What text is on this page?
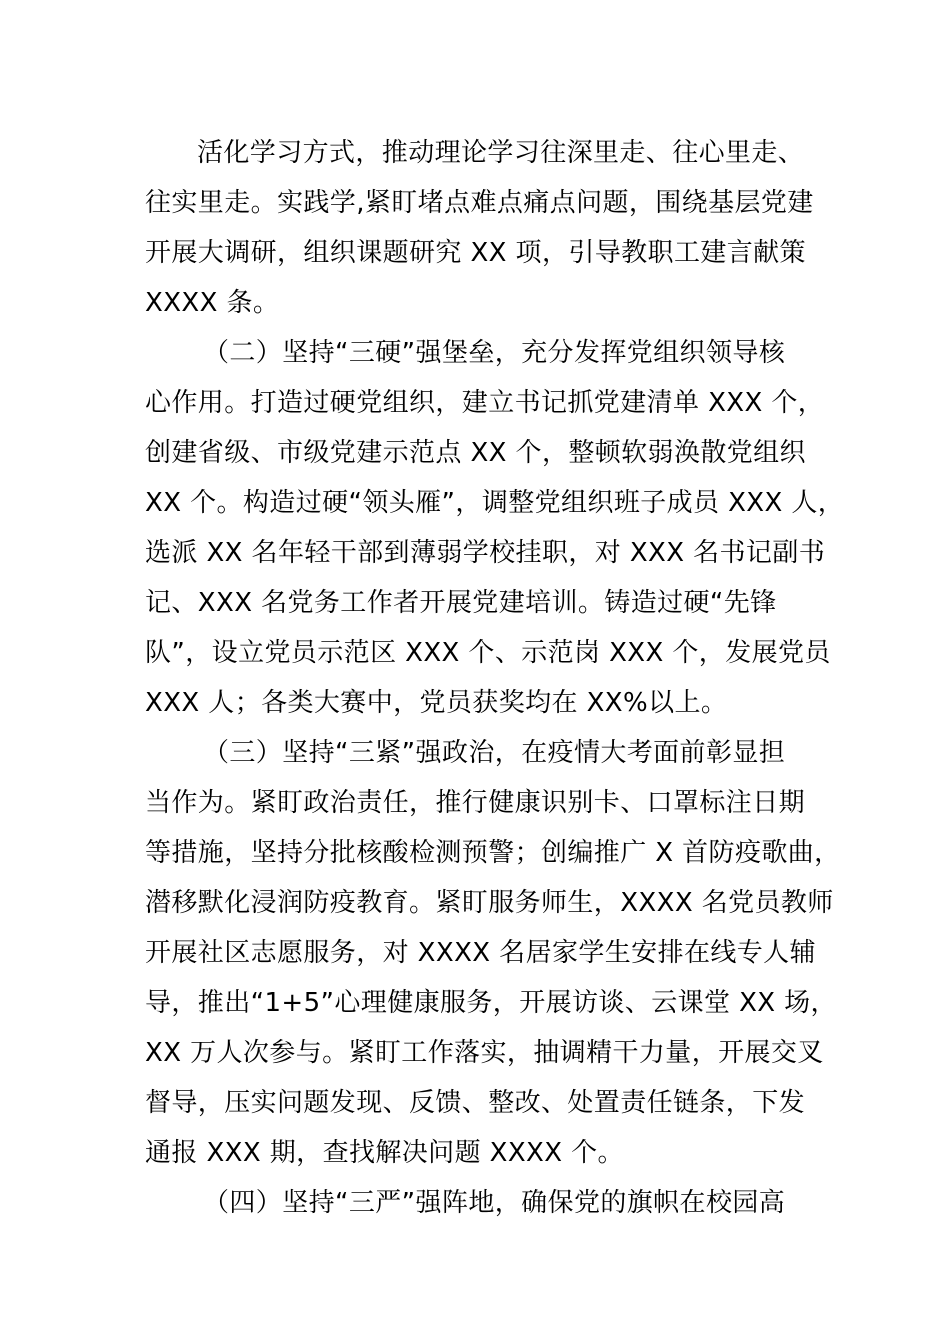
活化学习方式，推动理论学习往深里走、往心里走、
往实里走。实践学,紧盯堵点难点痛点问题，围绕基层党建
开展大调研，组织课题研究 XX 项，引导教职工建言献策
XXXX 条。
（二）坚持“三硬”强堡垒，充分发挥党组织领导核
心作用。打造过硬党组织，建立书记抓党建清单 XXX 个，
创建省级、市级党建示范点 XX 个，整顿软弱涣散党组织
XX 个。构造过硬“领头雁”，调整党组织班子成员 XXX 人，
选派 XX 名年轻干部到薄弱学校挂职，对 XXX 名书记副书
记、XXX 名党务工作者开展党建培训。铸造过硬“先锋
队”，设立党员示范区 XXX 个、示范岗 XXX 个，发展党员
XXX 人；各类大赛中，党员获奖均在 XX%以上。
（三）坚持“三紧”强政治，在疫情大考面前彰显担
当作为。紧盯政治责任，推行健康识别卡、口罩标注日期
等措施，坚持分批核酸检测预警；创编推广 X 首防疫歌曲，
潜移默化浸润防疫教育。紧盯服务师生，XXXX 名党员教师
开展社区志愿服务，对 XXXX 名居家学生安排在线专人辅
导，推出“1+5”心理健康服务，开展访谈、云课堂 XX 场，
XX 万人次参与。紧盯工作落实，抽调精干力量，开展交叉
督导，压实问题发现、反馈、整改、处置责任链条，下发
通报 XXX 期，查找解决问题 XXXX 个。
（四）坚持“三严”强阵地，确保党的旗帜在校园高
